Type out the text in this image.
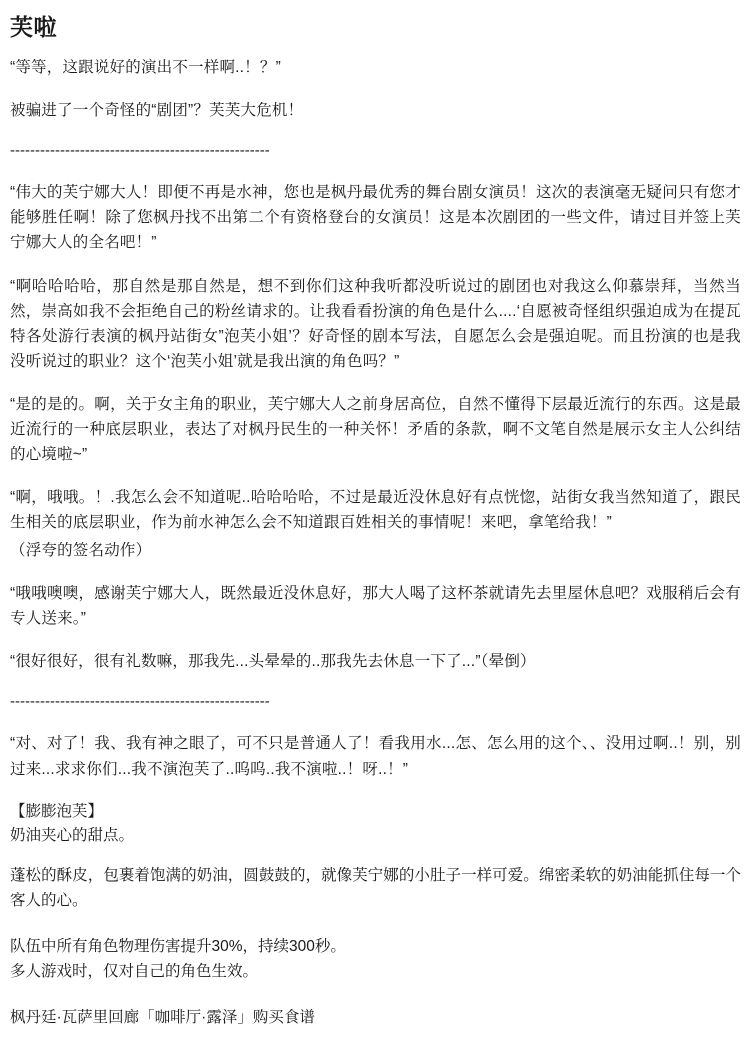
芙啦

“等等，这跟说好的演出不一样啊..！？”

被骗进了一个奇怪的“剧团”？芙芙大危机！

----------------------------------------------------

“伟大的芙宁娜大人！即便不再是水神，您也是枫丹最优秀的舞台剧女演员！这次的表演毫无疑问只有您才能够胜任啊！除了您枫丹找不出第二个有资格登台的女演员！这是本次剧团的一些文件，请过目并签上芙宁娜大人的全名吧！”

“啊哈哈哈哈，那自然是那自然是，想不到你们这种我听都没听说过的剧团也对我这么仰慕崇拜，当然当然，崇高如我不会拒绝自己的粉丝请求的。让我看看扮演的角色是什么....‘自愿被奇怪组织强迫成为在提瓦特各处游行表演的枫丹站街女”泡芙小姐’？好奇怪的剧本写法，自愿怎么会是强迫呢。而且扮演的也是我没听说过的职业？这个‘泡芙小姐’就是我出演的角色吗？”

“是的是的。啊，关于女主角的职业，芙宁娜大人之前身居高位，自然不懂得下层最近流行的东西。这是最近流行的一种底层职业，表达了对枫丹民生的一种关怀！矛盾的条款，啊不文笔自然是展示女主人公纠结的心境啦~”

“啊，哦哦。！.我怎么会不知道呢..哈哈哈哈，不过是最近没休息好有点恍惚，站街女我当然知道了，跟民生相关的底层职业，作为前水神怎么会不知道跟百姓相关的事情呢！来吧，拿笔给我！”

（浮夸的签名动作）

“哦哦噢噢，感谢芙宁娜大人，既然最近没休息好，那大人喝了这杯茶就请先去里屋休息吧？戏服稍后会有专人送来。”

“很好很好，很有礼数嘛，那我先...头晕晕的..那我先去休息一下了...”（晕倒）

----------------------------------------------------

“对、对了！我、我有神之眼了，可不只是普通人了！看我用水...怎、怎么用的这个、、没用过啊..！别，别过来...求求你们...我不演泡芙了..呜呜..我不演啦..！呀..！”

【膨膨泡芙】

奶油夹心的甜点。

蓬松的酥皮，包裹着饱满的奶油，圆鼓鼓的，就像芙宁娜的小肚子一样可爱。绵密柔软的奶油能抓住每一个客人的心。

队伍中所有角色物理伤害提升30%，持续300秒。

多人游戏时，仅对自己的角色生效。

枫丹廷·瓦萨里回廊「咖啡厅·露泽」购买食谱
